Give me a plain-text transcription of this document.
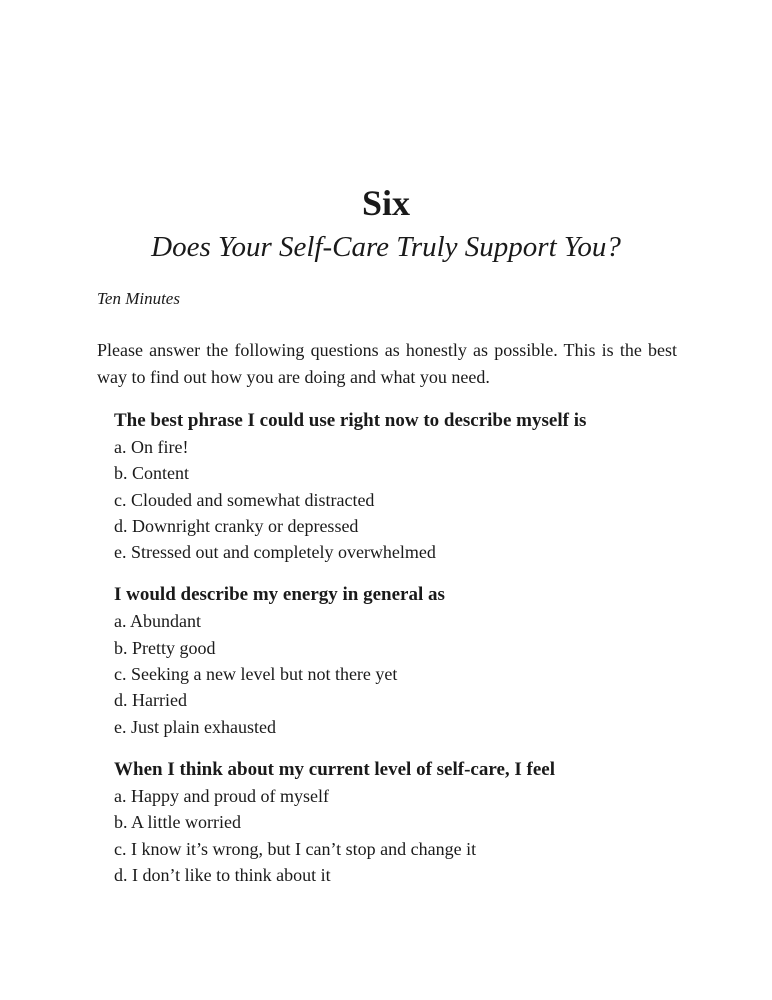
Six
Does Your Self-Care Truly Support You?
Ten Minutes
Please answer the following questions as honestly as possible. This is the best way to find out how you are doing and what you need.

The best phrase I could use right now to describe myself is

a. On fire!
b. Content
c. Clouded and somewhat distracted
d. Downright cranky or depressed
e. Stressed out and completely overwhelmed

I would describe my energy in general as

a. Abundant
b. Pretty good
c. Seeking a new level but not there yet
d. Harried
e. Just plain exhausted

When I think about my current level of self-care, I feel

a. Happy and proud of myself
b. A little worried
c. I know it’s wrong, but I can’t stop and change it
d. I don’t like to think about it
